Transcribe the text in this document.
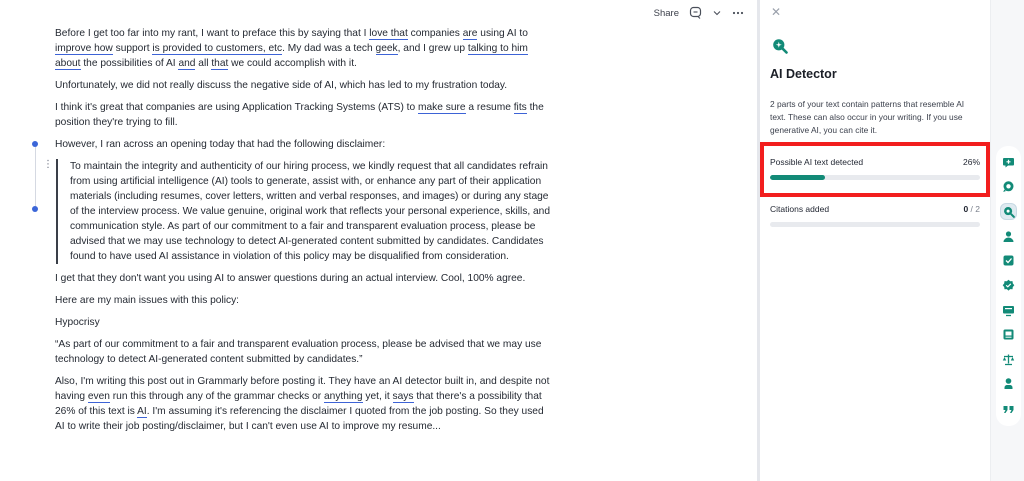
Share
⋮

Before I get too far into my rant, I want to preface this by saying that I love that companies are using AI to improve how support is provided to customers, etc. My dad was a tech geek, and I grew up talking to him about the possibilities of AI and all that we could accomplish with it.

Unfortunately, we did not really discuss the negative side of AI, which has led to my frustration today.

I think it's great that companies are using Application Tracking Systems (ATS) to make sure a resume fits the position they're trying to fill.

However, I ran across an opening today that had the following disclaimer:

To maintain the integrity and authenticity of our hiring process, we kindly request that all candidates refrain from using artificial intelligence (AI) tools to generate, assist with, or enhance any part of their application materials (including resumes, cover letters, written and verbal responses, and images) or during any stage of the interview process. We value genuine, original work that reflects your personal experience, skills, and communication style. As part of our commitment to a fair and transparent evaluation process, please be advised that we may use technology to detect AI-generated content submitted by candidates. Candidates found to have used AI assistance in violation of this policy may be disqualified from consideration.

I get that they don't want you using AI to answer questions during an actual interview. Cool, 100% agree.

Here are my main issues with this policy:

Hypocrisy

“As part of our commitment to a fair and transparent evaluation process, please be advised that we may use technology to detect AI-generated content submitted by candidates.”

Also, I'm writing this post out in Grammarly before posting it. They have an AI detector built in, and despite not having even run this through any of the grammar checks or anything yet, it says that there's a possibility that 26% of this text is AI. I'm assuming it's referencing the disclaimer I quoted from the job posting. So they used AI to write their job posting/disclaimer, but I can't even use AI to improve my resume...

✕
AI Detector
2 parts of your text contain patterns that resemble AI text. These can also occur in your writing. If you use generative AI, you can cite it.
Possible AI text detected	26%
Citations added	0 / 2
